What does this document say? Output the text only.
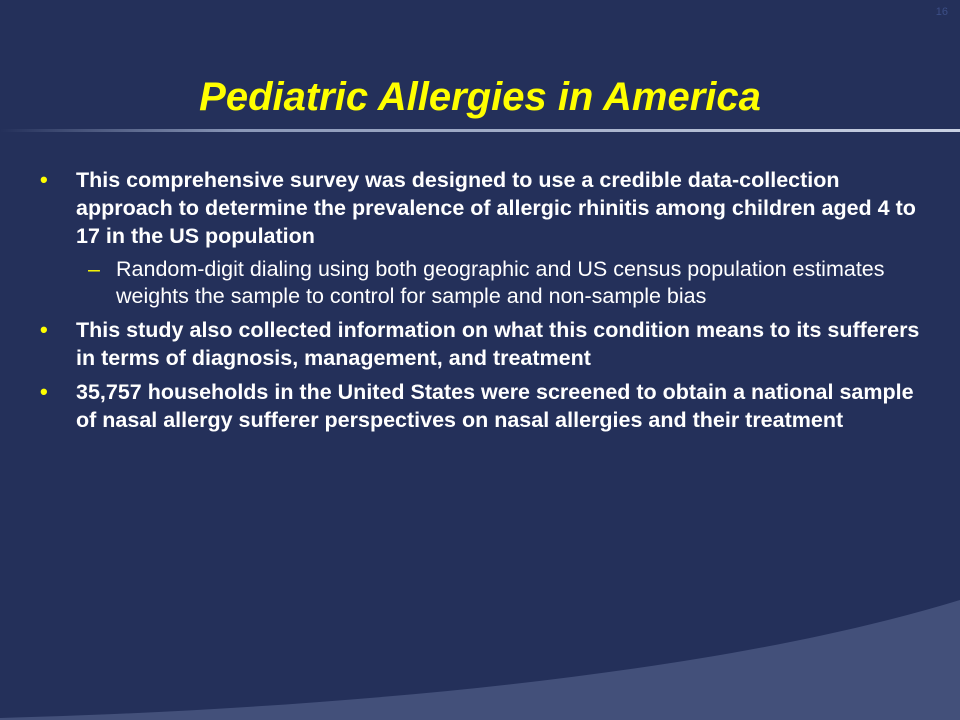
16
Pediatric Allergies in America
• This comprehensive survey was designed to use a credible data-collection approach to determine the prevalence of allergic rhinitis among children aged 4 to 17 in the US population
– Random-digit dialing using both geographic and US census population estimates weights the sample to control for sample and non-sample bias
• This study also collected information on what this condition means to its sufferers in terms of diagnosis, management, and treatment
• 35,757 households in the United States were screened to obtain a national sample of nasal allergy sufferer perspectives on nasal allergies and their treatment
